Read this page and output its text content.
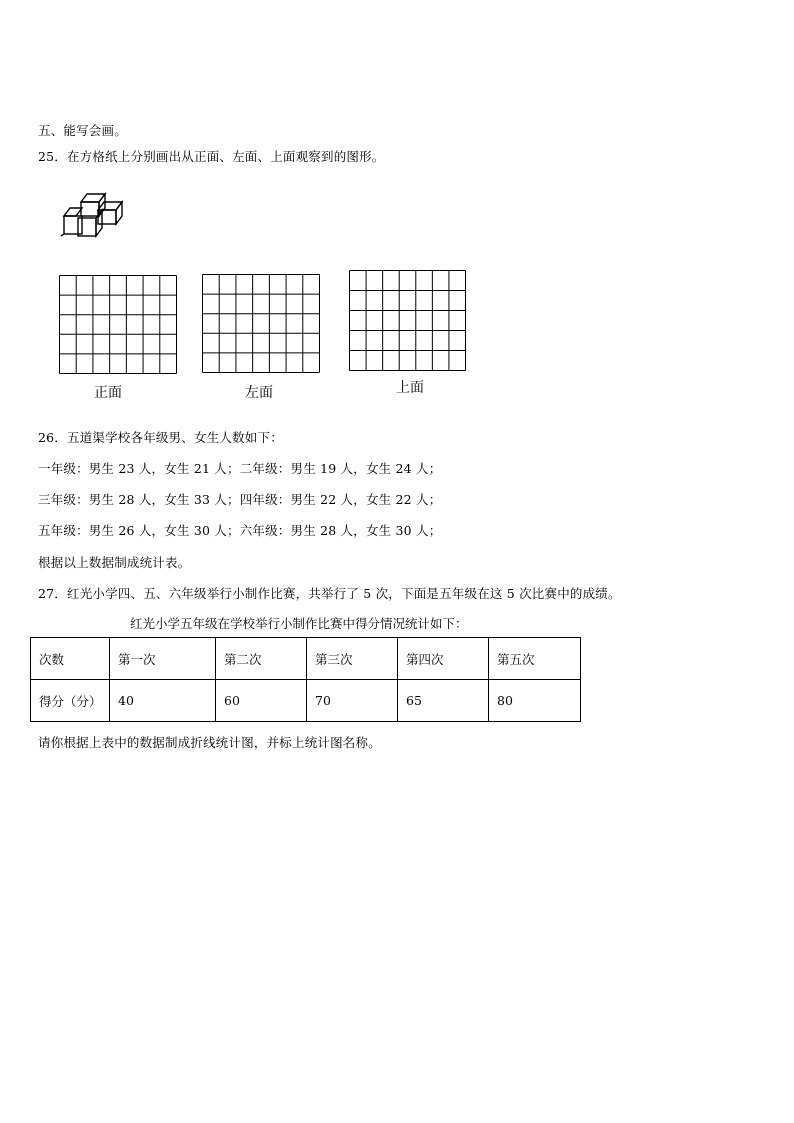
五、能写会画。
25．在方格纸上分别画出从正面、左面、上面观察到的图形。
正面	左面	上面
26．五道渠学校各年级男、女生人数如下：
一年级：男生 23 人，女生 21 人；二年级：男生 19 人，女生 24 人；
三年级：男生 28 人，女生 33 人；四年级：男生 22 人，女生 22 人；
五年级：男生 26 人，女生 30 人；六年级：男生 28 人，女生 30 人；
根据以上数据制成统计表。
27．红光小学四、五、六年级举行小制作比赛，共举行了 5 次，下面是五年级在这 5 次比赛中的成绩。
红光小学五年级在学校举行小制作比赛中得分情况统计如下：
次数	第一次	第二次	第三次	第四次	第五次
得分（分）	40	60	70	65	80
请你根据上表中的数据制成折线统计图，并标上统计图名称。
